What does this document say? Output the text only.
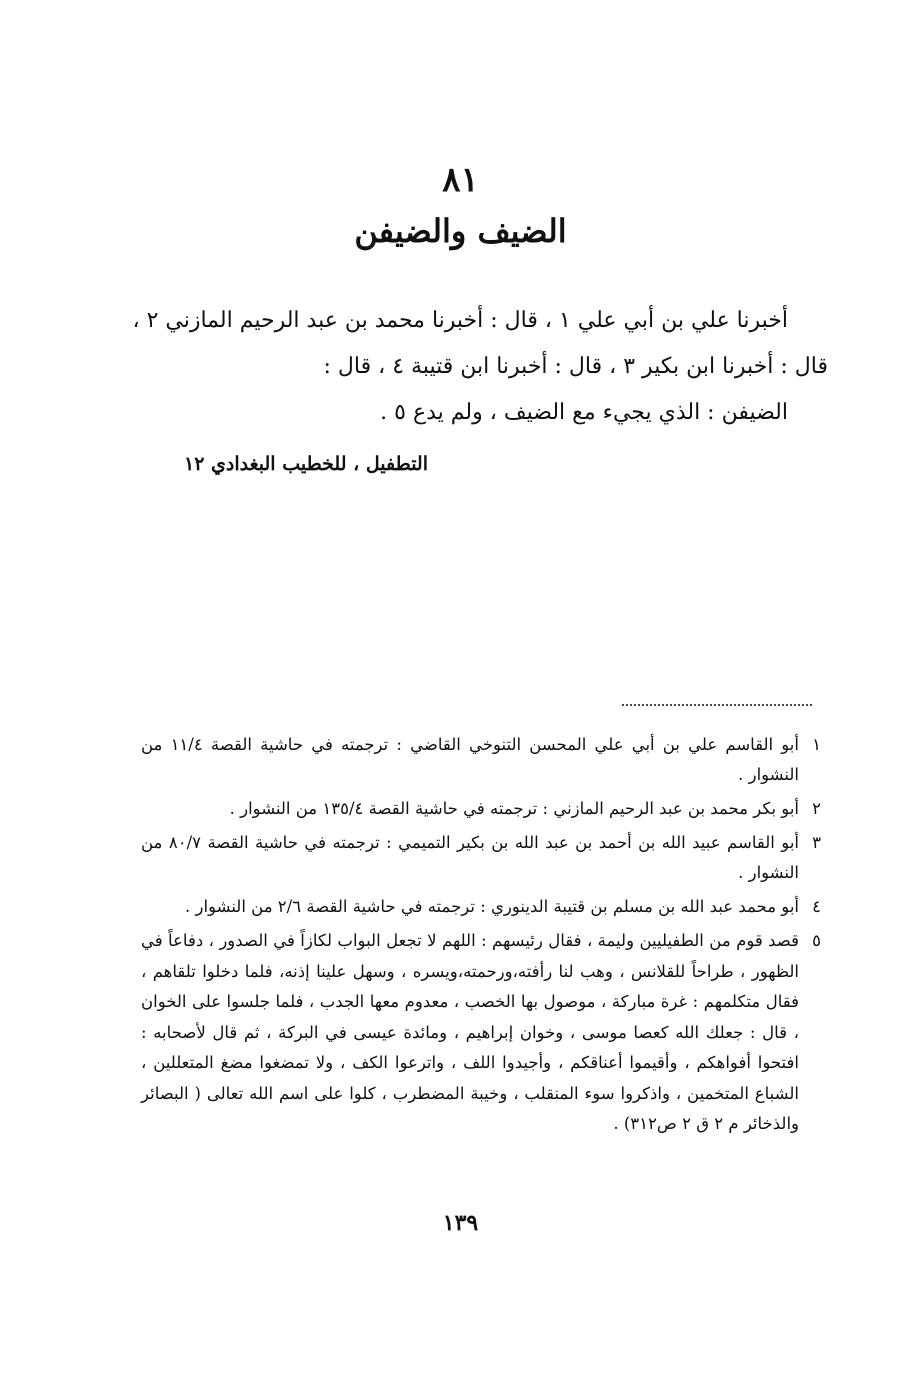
٨١
الضيف والضيفن

أخبرنا علي بن أبي علي ١ ، قال : أخبرنا محمد بن عبد الرحيم المازني ٢ ،

قال : أخبرنا ابن بكير ٣ ، قال : أخبرنا ابن قتيبة ٤ ، قال :

الضيفن : الذي يجيء مع الضيف ، ولم يدع ٥ .

التطفيل ، للخطيب البغدادي ١٢
١
أبو القاسم علي بن أبي علي المحسن التنوخي القاضي : ترجمته في حاشية القصة ١١/٤ من النشوار .
٢
أبو بكر محمد بن عبد الرحيم المازني : ترجمته في حاشية القصة ١٣٥/٤ من النشوار .
٣
أبو القاسم عبيد الله بن أحمد بن عبد الله بن بكير التميمي : ترجمته في حاشية القصة ٨٠/٧ من النشوار .
٤
أبو محمد عبد الله بن مسلم بن قتيبة الدينوري : ترجمته في حاشية القصة ٢/٦ من النشوار .
٥
قصد قوم من الطفيليين وليمة ، فقال رئيسهم : اللهم لا تجعل البواب لكازاً في الصدور ، دفاعاً في الظهور ، طراحاً للقلانس ، وهب لنا رأفته،ورحمته،ويسره ، وسهل علينا إذنه، فلما دخلوا تلقاهم ، فقال متكلمهم : غرة مباركة ، موصول بها الخصب ، معدوم معها الجدب ، فلما جلسوا على الخوان ، قال : جعلك الله كعصا موسى ، وخوان إبراهيم ، ومائدة عيسى في البركة ، ثم قال لأصحابه : افتحوا أفواهكم ، وأقيموا أعناقكم ، وأجيدوا اللف ، واترعوا الكف ، ولا تمضغوا مضغ المتعللين ، الشباع المتخمين ، واذكروا سوء المنقلب ، وخيبة المضطرب ، كلوا على اسم الله تعالى ( البصائر والذخائر م ٢ ق ٢ ص٣١٢) .
١٣٩
